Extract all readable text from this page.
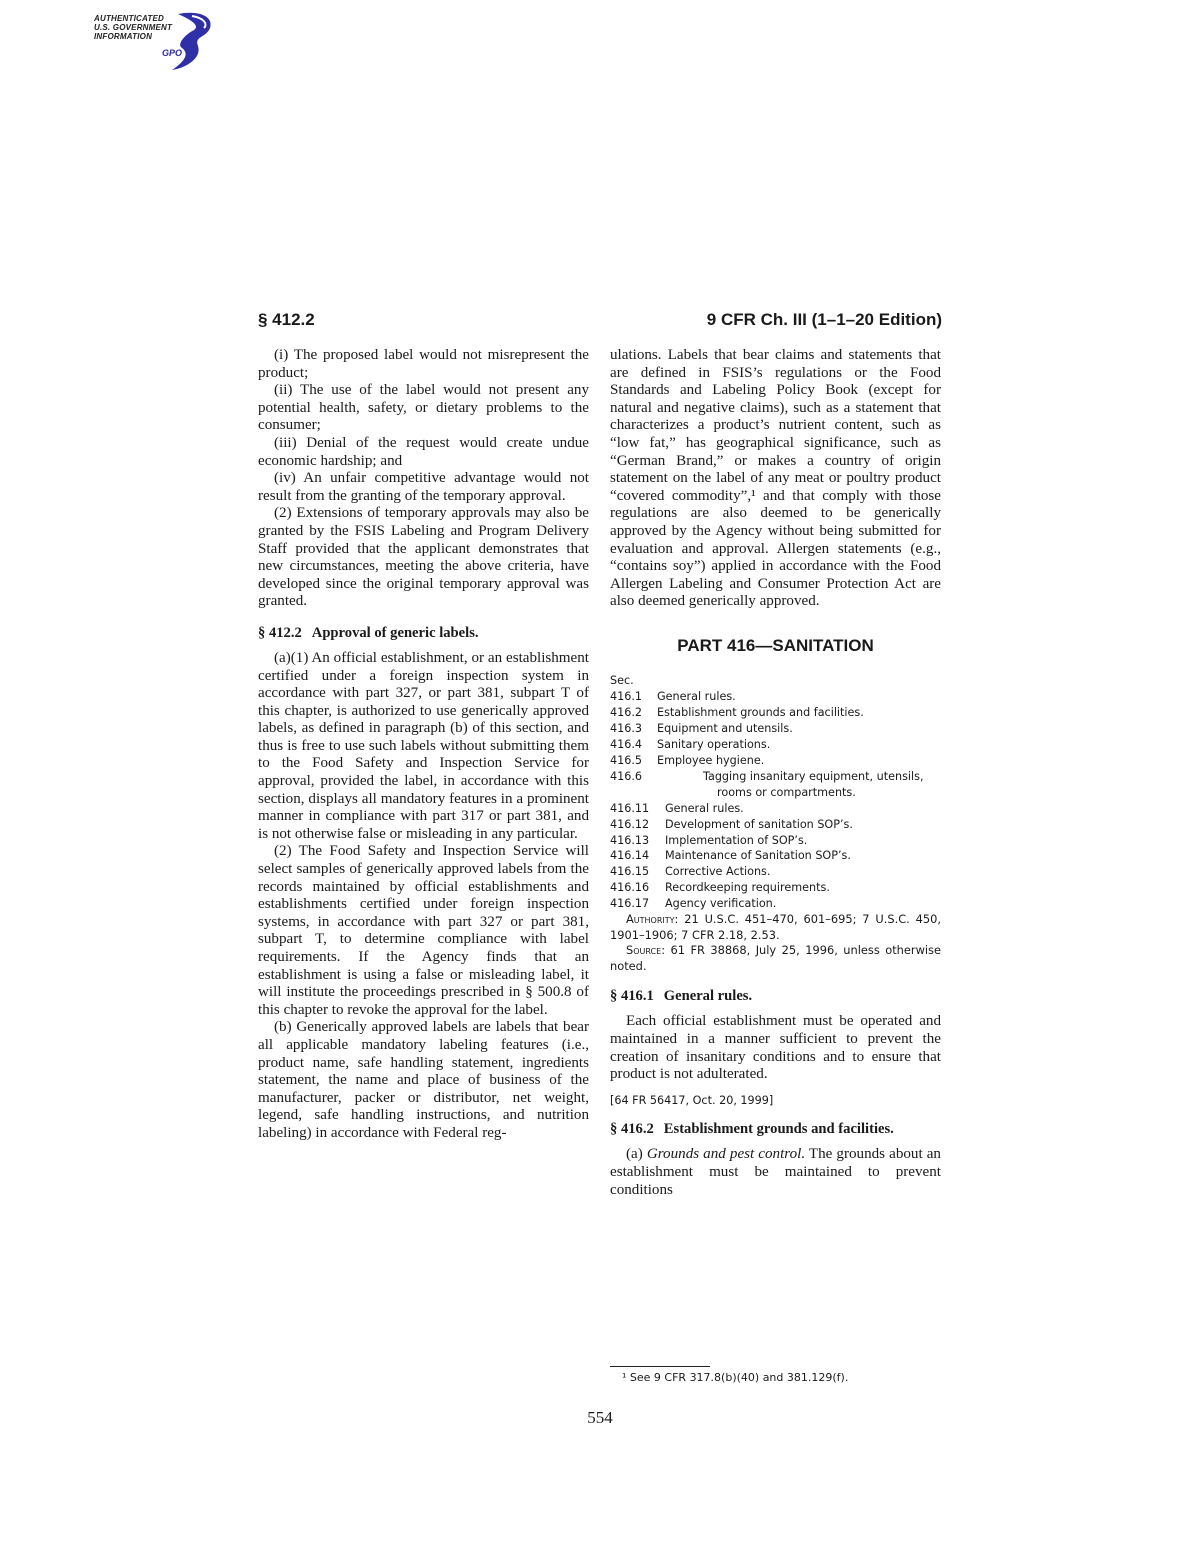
AUTHENTICATED
U.S. GOVERNMENT
INFORMATION
GPO
§ 412.2	9 CFR Ch. III (1–1–20 Edition)

(i) The proposed label would not misrepresent the product;

(ii) The use of the label would not present any potential health, safety, or dietary problems to the consumer;

(iii) Denial of the request would create undue economic hardship; and

(iv) An unfair competitive advantage would not result from the granting of the temporary approval.

(2) Extensions of temporary approvals may also be granted by the FSIS Labeling and Program Delivery Staff provided that the applicant demonstrates that new circumstances, meeting the above criteria, have developed since the original temporary approval was granted.

§ 412.2 Approval of generic labels.

(a)(1) An official establishment, or an establishment certified under a foreign inspection system in accordance with part 327, or part 381, subpart T of this chapter, is authorized to use generically approved labels, as defined in paragraph (b) of this section, and thus is free to use such labels without submitting them to the Food Safety and Inspection Service for approval, provided the label, in accordance with this section, displays all mandatory features in a prominent manner in compliance with part 317 or part 381, and is not otherwise false or misleading in any particular.

(2) The Food Safety and Inspection Service will select samples of generically approved labels from the records maintained by official establishments and establishments certified under foreign inspection systems, in accordance with part 327 or part 381, subpart T, to determine compliance with label requirements. If the Agency finds that an establishment is using a false or misleading label, it will institute the proceedings prescribed in § 500.8 of this chapter to revoke the approval for the label.

(b) Generically approved labels are labels that bear all applicable mandatory labeling features (i.e., product name, safe handling statement, ingredients statement, the name and place of business of the manufacturer, packer or distributor, net weight, legend, safe handling instructions, and nutrition labeling) in accordance with Federal reg-

ulations. Labels that bear claims and statements that are defined in FSIS’s regulations or the Food Standards and Labeling Policy Book (except for natural and negative claims), such as a statement that characterizes a product’s nutrient content, such as “low fat,” has geographical significance, such as “German Brand,” or makes a country of origin statement on the label of any meat or poultry product “covered commodity”,¹ and that comply with those regulations are also deemed to be generically approved by the Agency without being submitted for evaluation and approval. Allergen statements (e.g., “contains soy”) applied in accordance with the Food Allergen Labeling and Consumer Protection Act are also deemed generically approved.

PART 416—SANITATION
Sec.
416.1	General rules.
416.2	Establishment grounds and facilities.
416.3	Equipment and utensils.
416.4	Sanitary operations.
416.5	Employee hygiene.
416.6	Tagging insanitary equipment, utensils, rooms or compartments.
416.11	General rules.
416.12	Development of sanitation SOP’s.
416.13	Implementation of SOP’s.
416.14	Maintenance of Sanitation SOP’s.
416.15	Corrective Actions.
416.16	Recordkeeping requirements.
416.17	Agency verification.

Authority: 21 U.S.C. 451–470, 601–695; 7 U.S.C. 450, 1901–1906; 7 CFR 2.18, 2.53.

Source: 61 FR 38868, July 25, 1996, unless otherwise noted.

§ 416.1 General rules.

Each official establishment must be operated and maintained in a manner sufficient to prevent the creation of insanitary conditions and to ensure that product is not adulterated.

[64 FR 56417, Oct. 20, 1999]
§ 416.2 Establishment grounds and facilities.

(a) Grounds and pest control. The grounds about an establishment must be maintained to prevent conditions

¹ See 9 CFR 317.8(b)(40) and 381.129(f).
554
